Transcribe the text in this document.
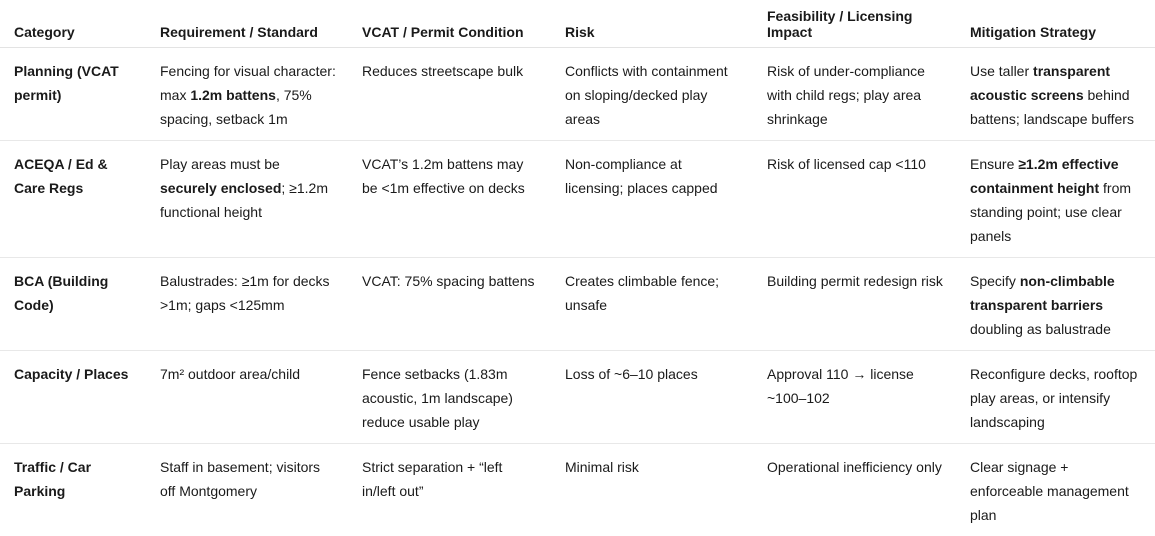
Category	Requirement / Standard	VCAT / Permit Condition	Risk	Feasibility / Licensing Impact	Mitigation Strategy
Planning (VCAT permit)	Fencing for visual character: max 1.2m battens, 75% spacing, setback 1m	Reduces streetscape bulk	Conflicts with containment on sloping/decked play areas	Risk of under-compliance with child regs; play area shrinkage	Use taller transparent acoustic screens behind battens; landscape buffers
ACEQA / Ed & Care Regs	Play areas must be securely enclosed; ≥1.2m functional height	VCAT’s 1.2m battens may be <1m effective on decks	Non-compliance at licensing; places capped	Risk of licensed cap <110	Ensure ≥1.2m effective containment height from standing point; use clear panels
BCA (Building Code)	Balustrades: ≥1m for decks >1m; gaps <125mm	VCAT: 75% spacing battens	Creates climbable fence; unsafe	Building permit redesign risk	Specify non-climbable transparent barriers doubling as balustrade
Capacity / Places	7m² outdoor area/child	Fence setbacks (1.83m acoustic, 1m landscape) reduce usable play	Loss of ~6–10 places	Approval 110 → license ~100–102	Reconfigure decks, rooftop play areas, or intensify landscaping
Traffic / Car Parking	Staff in basement; visitors off Montgomery	Strict separation + “left in/left out”	Minimal risk	Operational inefficiency only	Clear signage + enforceable management plan
